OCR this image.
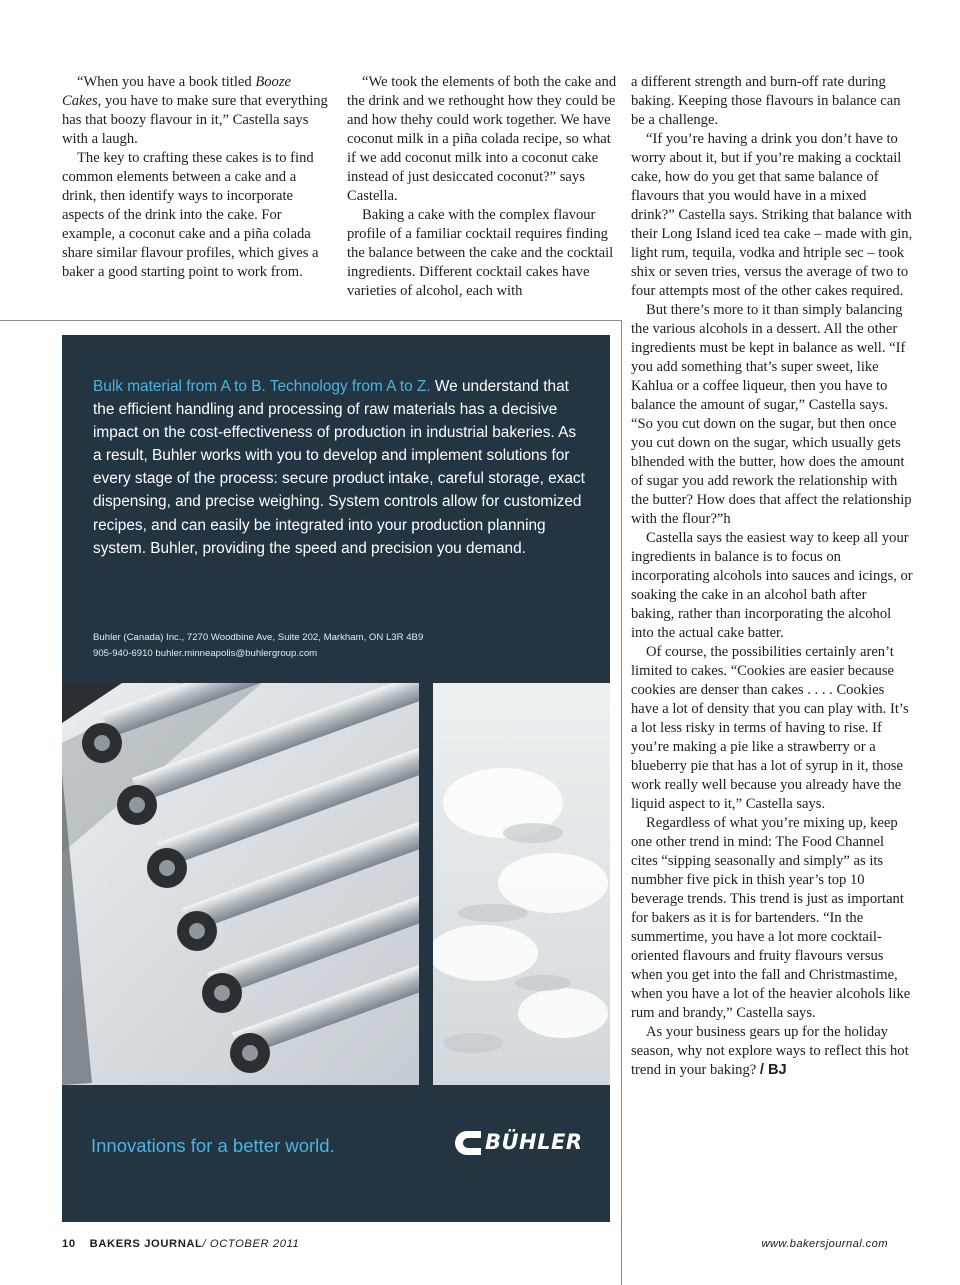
“When you have a book titled Booze Cakes, you have to make sure that everything has that boozy flavour in it,” Castella says with a laugh.

The key to crafting these cakes is to find common elements between a cake and a drink, then identify ways to incorporate aspects of the drink into the cake. For example, a coconut cake and a piña colada share similar flavour profiles, which gives a baker a good starting point to work from.

“We took the elements of both the cake and the drink and we rethought how they could be and how thehy could work together. We have coconut milk in a piña colada recipe, so what if we add coconut milk into a coconut cake instead of just desiccated coconut?” says Castella.

Baking a cake with the complex flavour profile of a familiar cocktail requires finding the balance between the cake and the cocktail ingredients. Different cocktail cakes have varieties of alcohol, each with

a different strength and burn-off rate during baking. Keeping those flavours in balance can be a challenge.

“If you’re having a drink you don’t have to worry about it, but if you’re making a cocktail cake, how do you get that same balance of flavours that you would have in a mixed drink?” Castella says. Striking that balance with their Long Island iced tea cake – made with gin, light rum, tequila, vodka and htriple sec – took shix or seven tries, versus the average of two to four attempts most of the other cakes required.

But there’s more to it than simply balancing the various alcohols in a dessert. All the other ingredients must be kept in balance as well. “If you add something that’s super sweet, like Kahlua or a coffee liqueur, then you have to balance the amount of sugar,” Castella says. “So you cut down on the sugar, but then once you cut down on the sugar, which usually gets blhended with the butter, how does the amount of sugar you add rework the relationship with the butter? How does that affect the relationship with the flour?”h

Castella says the easiest way to keep all your ingredients in balance is to focus on incorporating alcohols into sauces and icings, or soaking the cake in an alcohol bath after baking, rather than incorporating the alcohol into the actual cake batter.

Of course, the possibilities certainly aren’t limited to cakes. “Cookies are easier because cookies are denser than cakes . . . . Cookies have a lot of density that you can play with. It’s a lot less risky in terms of having to rise. If you’re making a pie like a strawberry or a blueberry pie that has a lot of syrup in it, those work really well because you already have the liquid aspect to it,” Castella says.

Regardless of what you’re mixing up, keep one other trend in mind: The Food Channel cites “sipping seasonally and simply” as its numbher five pick in thish year’s top 10 beverage trends. This trend is just as important for bakers as it is for bartenders. “In the summertime, you have a lot more cocktail-oriented flavours and fruity flavours versus when you get into the fall and Christmastime, when you have a lot of the heavier alcohols like rum and brandy,” Castella says.

As your business gears up for the holiday season, why not explore ways to reflect this hot trend in your baking? / BJ

Bulk material from A to B. Technology from A to Z. We understand that the efficient handling and processing of raw materials has a decisive impact on the cost-effectiveness of production in industrial bakeries. As a result, Buhler works with you to develop and implement solutions for every stage of the process: secure product intake, careful storage, exact dispensing, and precise weighing. System controls allow for customized recipes, and can easily be integrated into your production planning system. Buhler, providing the speed and precision you demand.
Buhler (Canada) Inc., 7270 Woodbine Ave, Suite 202, Markham, ON L3R 4B9
905-940-6910 buhler.minneapolis@buhlergroup.com
Innovations for a better world.	BÜHLER
10 BAKERS JOURNAL/ OCTOBER 2011	www.bakersjournal.com
